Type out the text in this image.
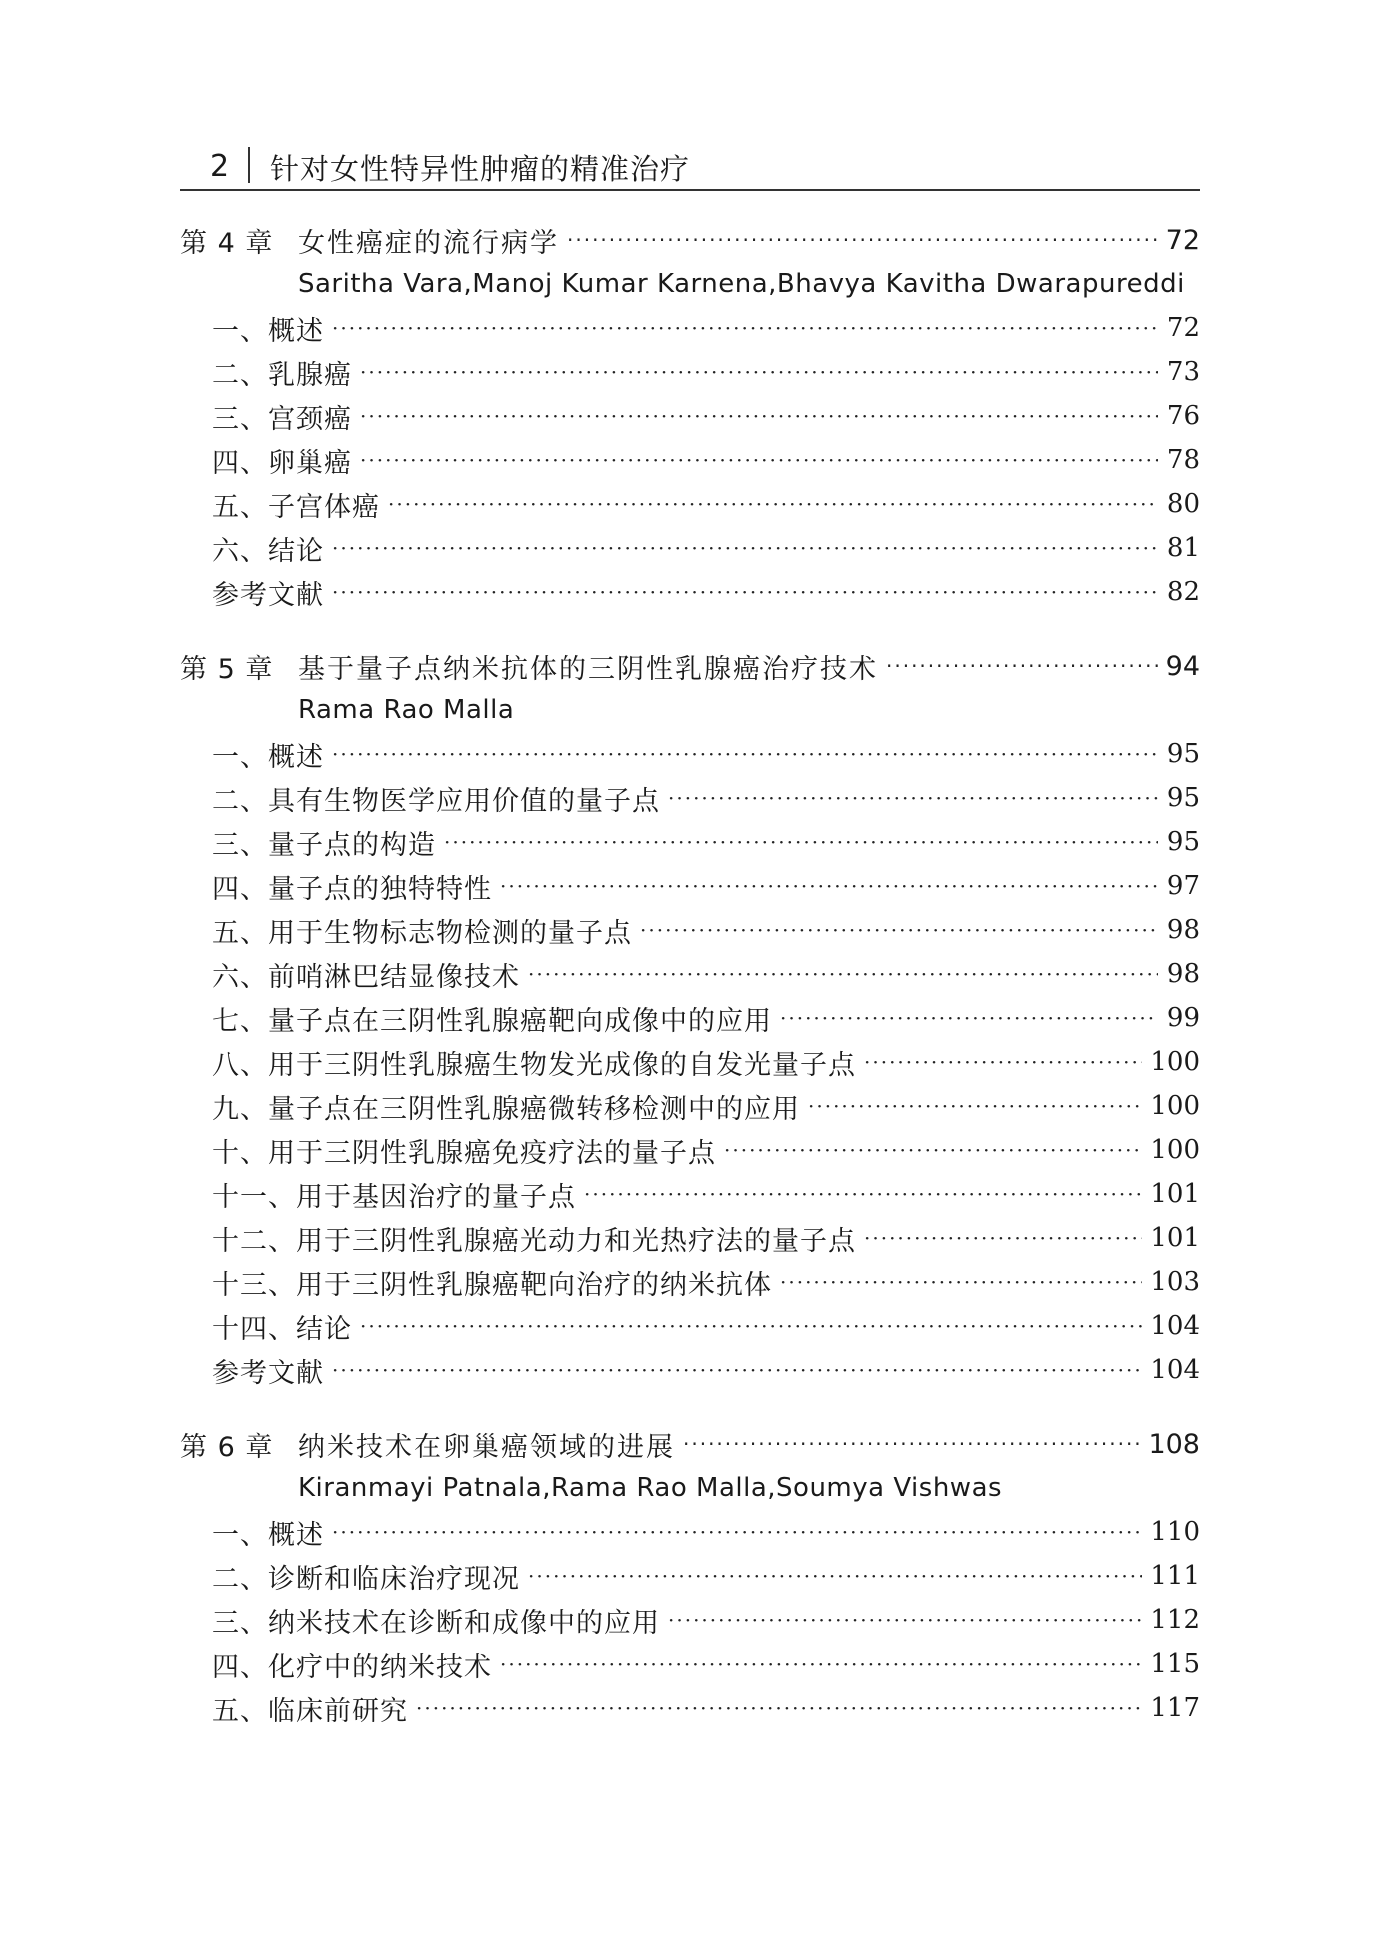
2 针对女性特异性肿瘤的精准治疗
第 4 章 女性癌症的流行病学 ·····	72
Saritha Vara,Manoj Kumar Karnena,Bhavya Kavitha Dwarapureddi
一、概述 ·····	72
二、乳腺癌 ·····	73
三、宫颈癌 ·····	76
四、卵巢癌 ·····	78
五、子宫体癌 ·····	80
六、结论 ·····	81
参考文献 ·····	82
第 5 章 基于量子点纳米抗体的三阴性乳腺癌治疗技术 ·····	94
Rama Rao Malla
一、概述 ·····	95
二、具有生物医学应用价值的量子点 ·····	95
三、量子点的构造 ·····	95
四、量子点的独特特性 ·····	97
五、用于生物标志物检测的量子点 ·····	98
六、前哨淋巴结显像技术 ·····	98
七、量子点在三阴性乳腺癌靶向成像中的应用 ·····	99
八、用于三阴性乳腺癌生物发光成像的自发光量子点 ·····	100
九、量子点在三阴性乳腺癌微转移检测中的应用 ·····	100
十、用于三阴性乳腺癌免疫疗法的量子点 ·····	100
十一、用于基因治疗的量子点 ·····	101
十二、用于三阴性乳腺癌光动力和光热疗法的量子点 ·····	101
十三、用于三阴性乳腺癌靶向治疗的纳米抗体 ·····	103
十四、结论 ·····	104
参考文献 ·····	104
第 6 章 纳米技术在卵巢癌领域的进展 ·····	108
Kiranmayi Patnala,Rama Rao Malla,Soumya Vishwas
一、概述 ·····	110
二、诊断和临床治疗现况 ·····	111
三、纳米技术在诊断和成像中的应用 ·····	112
四、化疗中的纳米技术 ·····	115
五、临床前研究 ·····	117
